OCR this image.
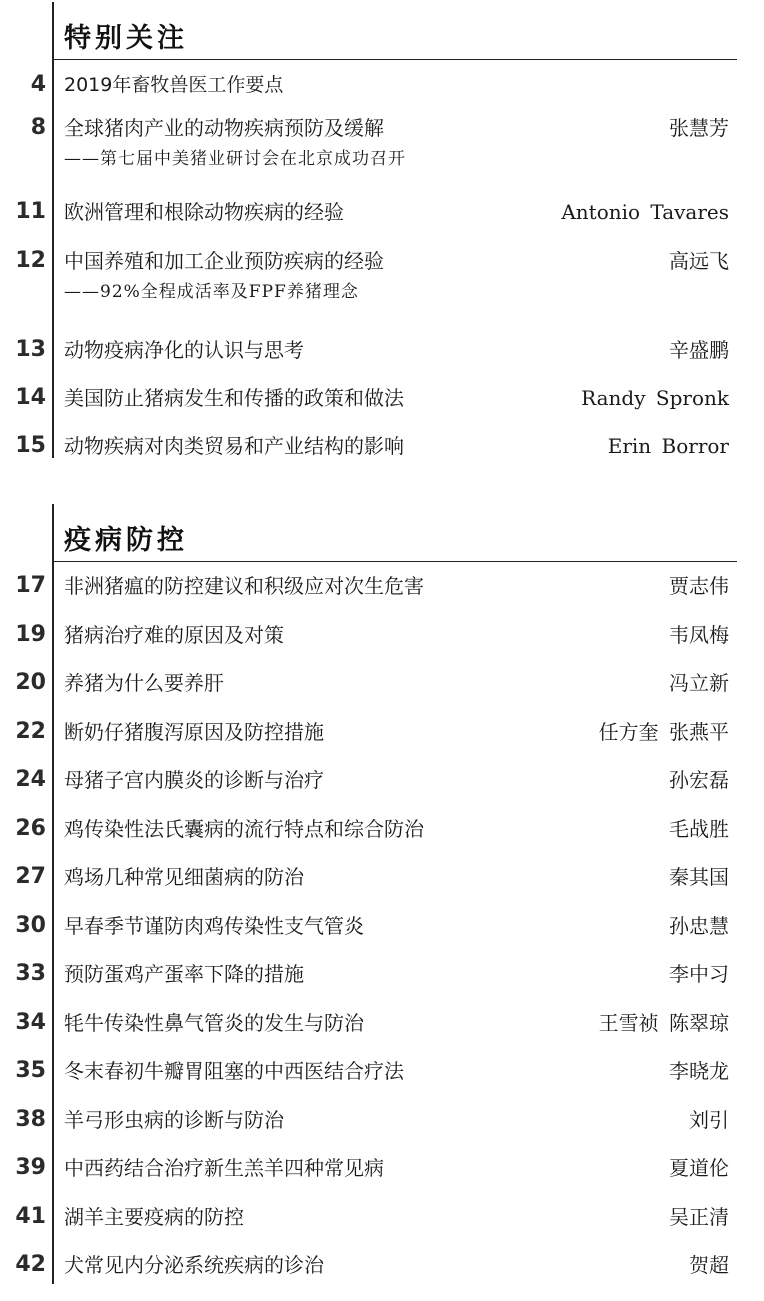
特别关注
4 2019年畜牧兽医工作要点
8 全球猪肉产业的动物疾病预防及缓解	张慧芳
——第七届中美猪业研讨会在北京成功召开
11 欧洲管理和根除动物疾病的经验	Antonio Tavares
12 中国养殖和加工企业预防疾病的经验	高远飞
——92%全程成活率及FPF养猪理念
13 动物疫病净化的认识与思考	辛盛鹏
14 美国防止猪病发生和传播的政策和做法	Randy Spronk
15 动物疾病对肉类贸易和产业结构的影响	Erin Borror
疫病防控
17 非洲猪瘟的防控建议和积级应对次生危害	贾志伟
19 猪病治疗难的原因及对策	韦凤梅
20 养猪为什么要养肝	冯立新
22 断奶仔猪腹泻原因及防控措施	任方奎 张燕平
24 母猪子宫内膜炎的诊断与治疗	孙宏磊
26 鸡传染性法氏囊病的流行特点和综合防治	毛战胜
27 鸡场几种常见细菌病的防治	秦其国
30 早春季节谨防肉鸡传染性支气管炎	孙忠慧
33 预防蛋鸡产蛋率下降的措施	李中习
34 牦牛传染性鼻气管炎的发生与防治	王雪祯 陈翠琼
35 冬末春初牛瓣胃阻塞的中西医结合疗法	李晓龙
38 羊弓形虫病的诊断与防治	刘引
39 中西药结合治疗新生羔羊四种常见病	夏道伦
41 湖羊主要疫病的防控	吴正清
42 犬常见内分泌系统疾病的诊治	贺超
